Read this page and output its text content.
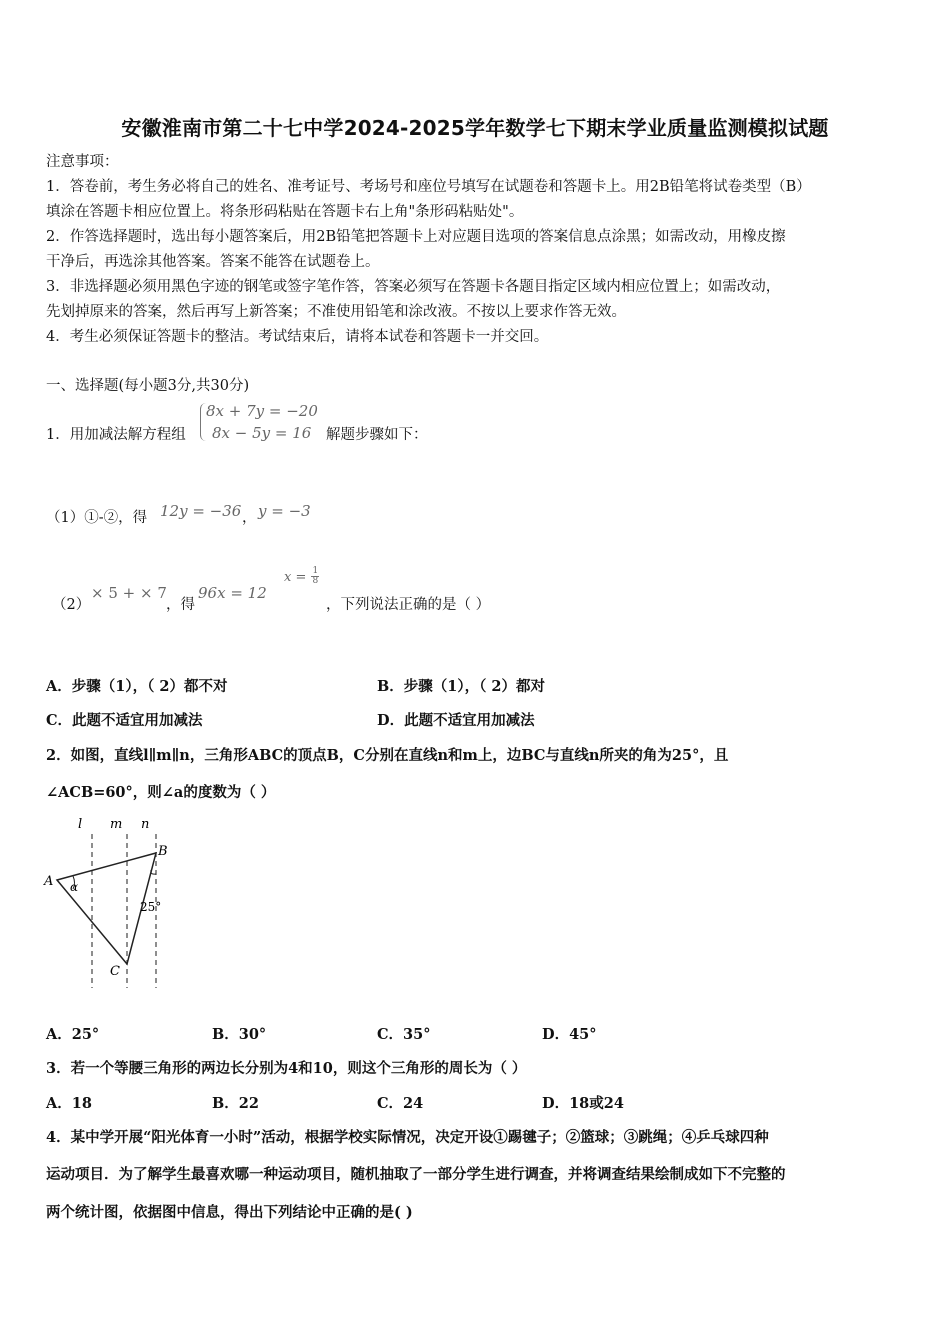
安徽淮南市第二十七中学2024-2025学年数学七下期末学业质量监测模拟试题
注意事项：
1．答卷前，考生务必将自己的姓名、准考证号、考场号和座位号填写在试题卷和答题卡上。用2B铅笔将试卷类型（B）
填涂在答题卡相应位置上。将条形码粘贴在答题卡右上角"条形码粘贴处"。
2．作答选择题时，选出每小题答案后，用2B铅笔把答题卡上对应题目选项的答案信息点涂黑；如需改动，用橡皮擦
干净后，再选涂其他答案。答案不能答在试题卷上。
3．非选择题必须用黑色字迹的钢笔或签字笔作答，答案必须写在答题卡各题目指定区域内相应位置上；如需改动，
先划掉原来的答案，然后再写上新答案；不准使用铅笔和涂改液。不按以上要求作答无效。
4．考生必须保证答题卡的整洁。考试结束后，请将本试卷和答题卡一并交回。
一、选择题(每小题3分,共30分)
1．用加减法解方程组
8x + 7y = −20
8x − 5y = 16 解题步骤如下：
（1）①-②，得 12y = −36 ， y = −3
（2）
× 5 + × 7
，得
96x = 12
$x = \frac{1}{8}$
，下列说法正确的是（ ）
A．步骤（1），（ 2）都不对	B．步骤（1），（ 2）都对
C．此题不适宜用加减法	D．此题不适宜用加减法
2．如图，直线l∥m∥n，三角形ABC的顶点B，C分别在直线n和m上，边BC与直线n所夹的角为25°，且
∠ACB=60°，则∠a的度数为（ ）
l m n
A
B
C
α
25°
A．25°	B．30°	C．35°	D．45°
3．若一个等腰三角形的两边长分别为4和10，则这个三角形的周长为（ ）
A．18	B．22	C．24	D．18或24
4．某中学开展“阳光体育一小时”活动，根据学校实际情况，决定开设①踢毽子；②篮球；③跳绳；④乒乓球四种
运动项目．为了解学生最喜欢哪一种运动项目，随机抽取了一部分学生进行调查，并将调查结果绘制成如下不完整的
两个统计图，依据图中信息，得出下列结论中正确的是( )
